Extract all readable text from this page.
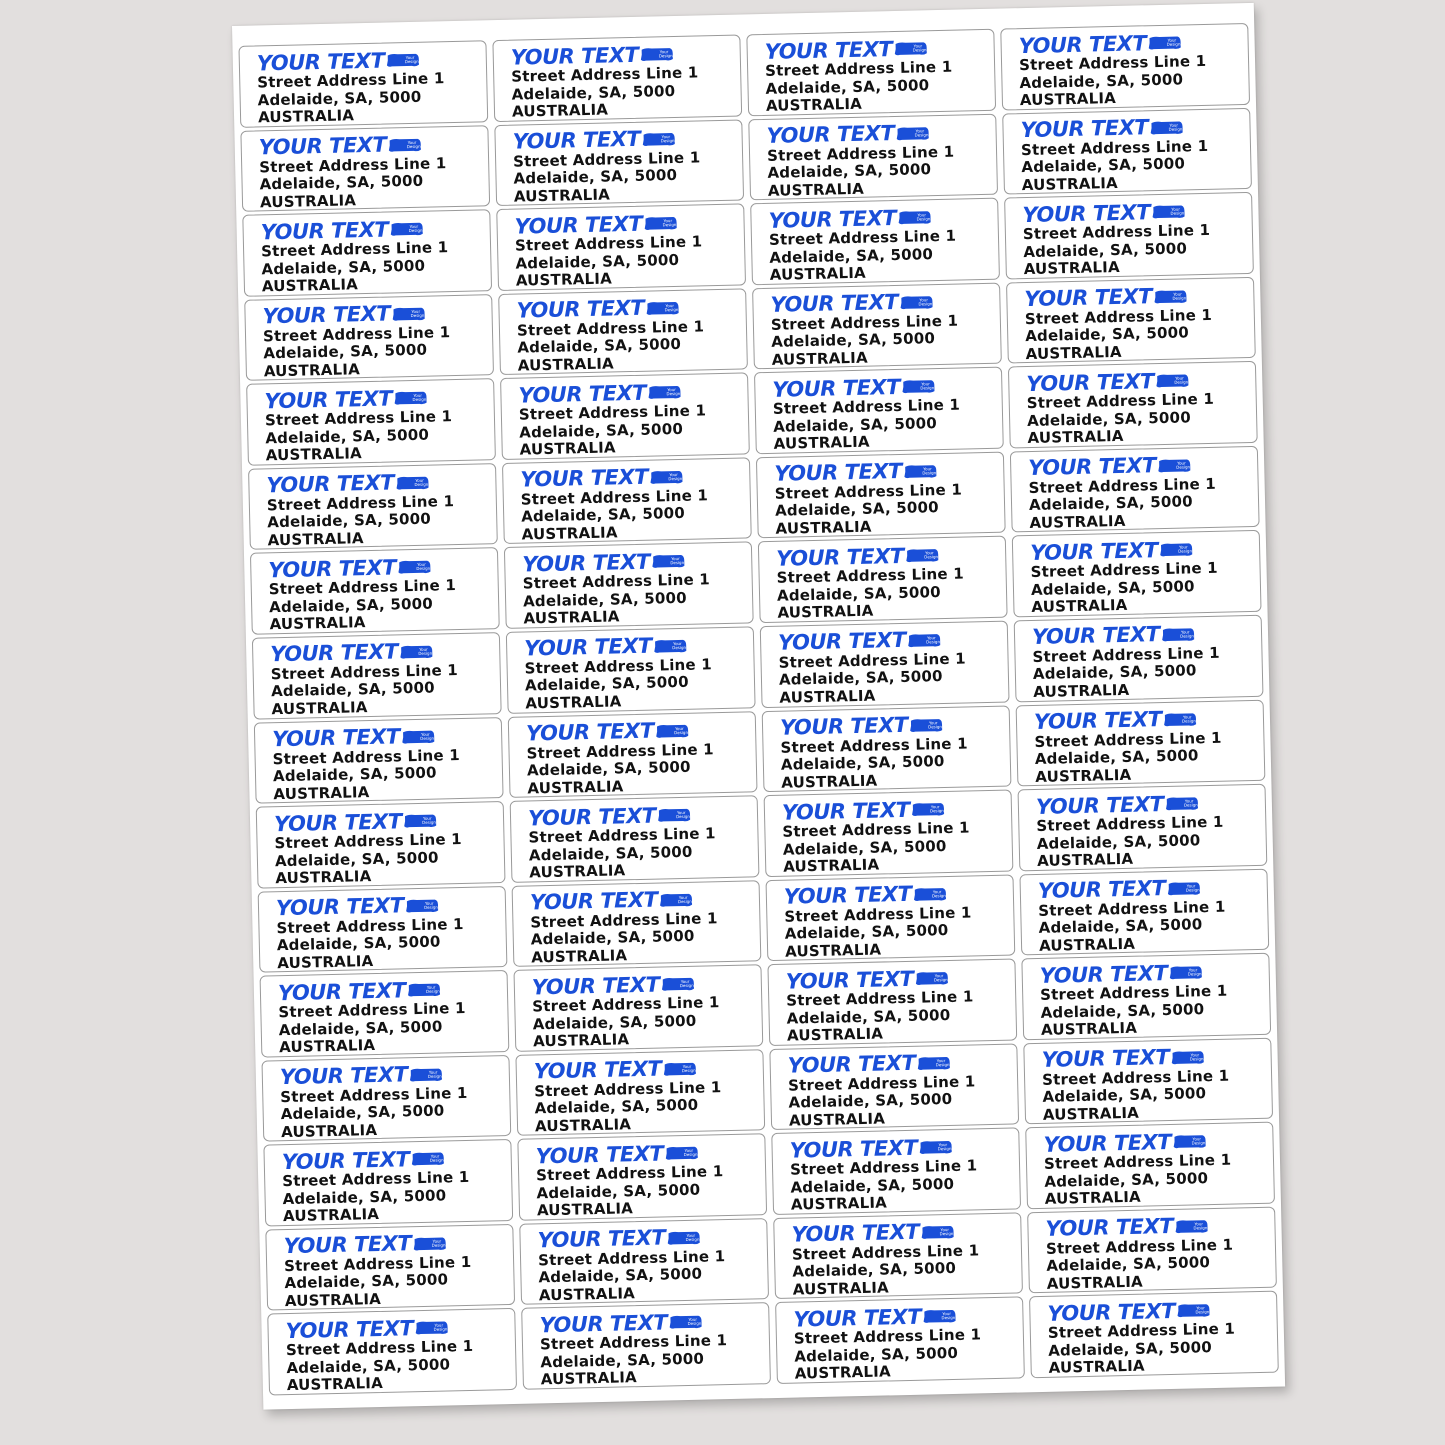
YOUR TEXT	Your
Design
Street Address Line 1
Adelaide, SA, 5000
AUSTRALIA
YOUR TEXT	Your
Design
Street Address Line 1
Adelaide, SA, 5000
AUSTRALIA
YOUR TEXT	Your
Design
Street Address Line 1
Adelaide, SA, 5000
AUSTRALIA
YOUR TEXT	Your
Design
Street Address Line 1
Adelaide, SA, 5000
AUSTRALIA
YOUR TEXT	Your
Design
Street Address Line 1
Adelaide, SA, 5000
AUSTRALIA
YOUR TEXT	Your
Design
Street Address Line 1
Adelaide, SA, 5000
AUSTRALIA
YOUR TEXT	Your
Design
Street Address Line 1
Adelaide, SA, 5000
AUSTRALIA
YOUR TEXT	Your
Design
Street Address Line 1
Adelaide, SA, 5000
AUSTRALIA
YOUR TEXT	Your
Design
Street Address Line 1
Adelaide, SA, 5000
AUSTRALIA
YOUR TEXT	Your
Design
Street Address Line 1
Adelaide, SA, 5000
AUSTRALIA
YOUR TEXT	Your
Design
Street Address Line 1
Adelaide, SA, 5000
AUSTRALIA
YOUR TEXT	Your
Design
Street Address Line 1
Adelaide, SA, 5000
AUSTRALIA
YOUR TEXT	Your
Design
Street Address Line 1
Adelaide, SA, 5000
AUSTRALIA
YOUR TEXT	Your
Design
Street Address Line 1
Adelaide, SA, 5000
AUSTRALIA
YOUR TEXT	Your
Design
Street Address Line 1
Adelaide, SA, 5000
AUSTRALIA
YOUR TEXT	Your
Design
Street Address Line 1
Adelaide, SA, 5000
AUSTRALIA
YOUR TEXT	Your
Design
Street Address Line 1
Adelaide, SA, 5000
AUSTRALIA
YOUR TEXT	Your
Design
Street Address Line 1
Adelaide, SA, 5000
AUSTRALIA
YOUR TEXT	Your
Design
Street Address Line 1
Adelaide, SA, 5000
AUSTRALIA
YOUR TEXT	Your
Design
Street Address Line 1
Adelaide, SA, 5000
AUSTRALIA
YOUR TEXT	Your
Design
Street Address Line 1
Adelaide, SA, 5000
AUSTRALIA
YOUR TEXT	Your
Design
Street Address Line 1
Adelaide, SA, 5000
AUSTRALIA
YOUR TEXT	Your
Design
Street Address Line 1
Adelaide, SA, 5000
AUSTRALIA
YOUR TEXT	Your
Design
Street Address Line 1
Adelaide, SA, 5000
AUSTRALIA
YOUR TEXT	Your
Design
Street Address Line 1
Adelaide, SA, 5000
AUSTRALIA
YOUR TEXT	Your
Design
Street Address Line 1
Adelaide, SA, 5000
AUSTRALIA
YOUR TEXT	Your
Design
Street Address Line 1
Adelaide, SA, 5000
AUSTRALIA
YOUR TEXT	Your
Design
Street Address Line 1
Adelaide, SA, 5000
AUSTRALIA
YOUR TEXT	Your
Design
Street Address Line 1
Adelaide, SA, 5000
AUSTRALIA
YOUR TEXT	Your
Design
Street Address Line 1
Adelaide, SA, 5000
AUSTRALIA
YOUR TEXT	Your
Design
Street Address Line 1
Adelaide, SA, 5000
AUSTRALIA
YOUR TEXT	Your
Design
Street Address Line 1
Adelaide, SA, 5000
AUSTRALIA
YOUR TEXT	Your
Design
Street Address Line 1
Adelaide, SA, 5000
AUSTRALIA
YOUR TEXT	Your
Design
Street Address Line 1
Adelaide, SA, 5000
AUSTRALIA
YOUR TEXT	Your
Design
Street Address Line 1
Adelaide, SA, 5000
AUSTRALIA
YOUR TEXT	Your
Design
Street Address Line 1
Adelaide, SA, 5000
AUSTRALIA
YOUR TEXT	Your
Design
Street Address Line 1
Adelaide, SA, 5000
AUSTRALIA
YOUR TEXT	Your
Design
Street Address Line 1
Adelaide, SA, 5000
AUSTRALIA
YOUR TEXT	Your
Design
Street Address Line 1
Adelaide, SA, 5000
AUSTRALIA
YOUR TEXT	Your
Design
Street Address Line 1
Adelaide, SA, 5000
AUSTRALIA
YOUR TEXT	Your
Design
Street Address Line 1
Adelaide, SA, 5000
AUSTRALIA
YOUR TEXT	Your
Design
Street Address Line 1
Adelaide, SA, 5000
AUSTRALIA
YOUR TEXT	Your
Design
Street Address Line 1
Adelaide, SA, 5000
AUSTRALIA
YOUR TEXT	Your
Design
Street Address Line 1
Adelaide, SA, 5000
AUSTRALIA
YOUR TEXT	Your
Design
Street Address Line 1
Adelaide, SA, 5000
AUSTRALIA
YOUR TEXT	Your
Design
Street Address Line 1
Adelaide, SA, 5000
AUSTRALIA
YOUR TEXT	Your
Design
Street Address Line 1
Adelaide, SA, 5000
AUSTRALIA
YOUR TEXT	Your
Design
Street Address Line 1
Adelaide, SA, 5000
AUSTRALIA
YOUR TEXT	Your
Design
Street Address Line 1
Adelaide, SA, 5000
AUSTRALIA
YOUR TEXT	Your
Design
Street Address Line 1
Adelaide, SA, 5000
AUSTRALIA
YOUR TEXT	Your
Design
Street Address Line 1
Adelaide, SA, 5000
AUSTRALIA
YOUR TEXT	Your
Design
Street Address Line 1
Adelaide, SA, 5000
AUSTRALIA
YOUR TEXT	Your
Design
Street Address Line 1
Adelaide, SA, 5000
AUSTRALIA
YOUR TEXT	Your
Design
Street Address Line 1
Adelaide, SA, 5000
AUSTRALIA
YOUR TEXT	Your
Design
Street Address Line 1
Adelaide, SA, 5000
AUSTRALIA
YOUR TEXT	Your
Design
Street Address Line 1
Adelaide, SA, 5000
AUSTRALIA
YOUR TEXT	Your
Design
Street Address Line 1
Adelaide, SA, 5000
AUSTRALIA
YOUR TEXT	Your
Design
Street Address Line 1
Adelaide, SA, 5000
AUSTRALIA
YOUR TEXT	Your
Design
Street Address Line 1
Adelaide, SA, 5000
AUSTRALIA
YOUR TEXT	Your
Design
Street Address Line 1
Adelaide, SA, 5000
AUSTRALIA
YOUR TEXT	Your
Design
Street Address Line 1
Adelaide, SA, 5000
AUSTRALIA
YOUR TEXT	Your
Design
Street Address Line 1
Adelaide, SA, 5000
AUSTRALIA
YOUR TEXT	Your
Design
Street Address Line 1
Adelaide, SA, 5000
AUSTRALIA
YOUR TEXT	Your
Design
Street Address Line 1
Adelaide, SA, 5000
AUSTRALIA
